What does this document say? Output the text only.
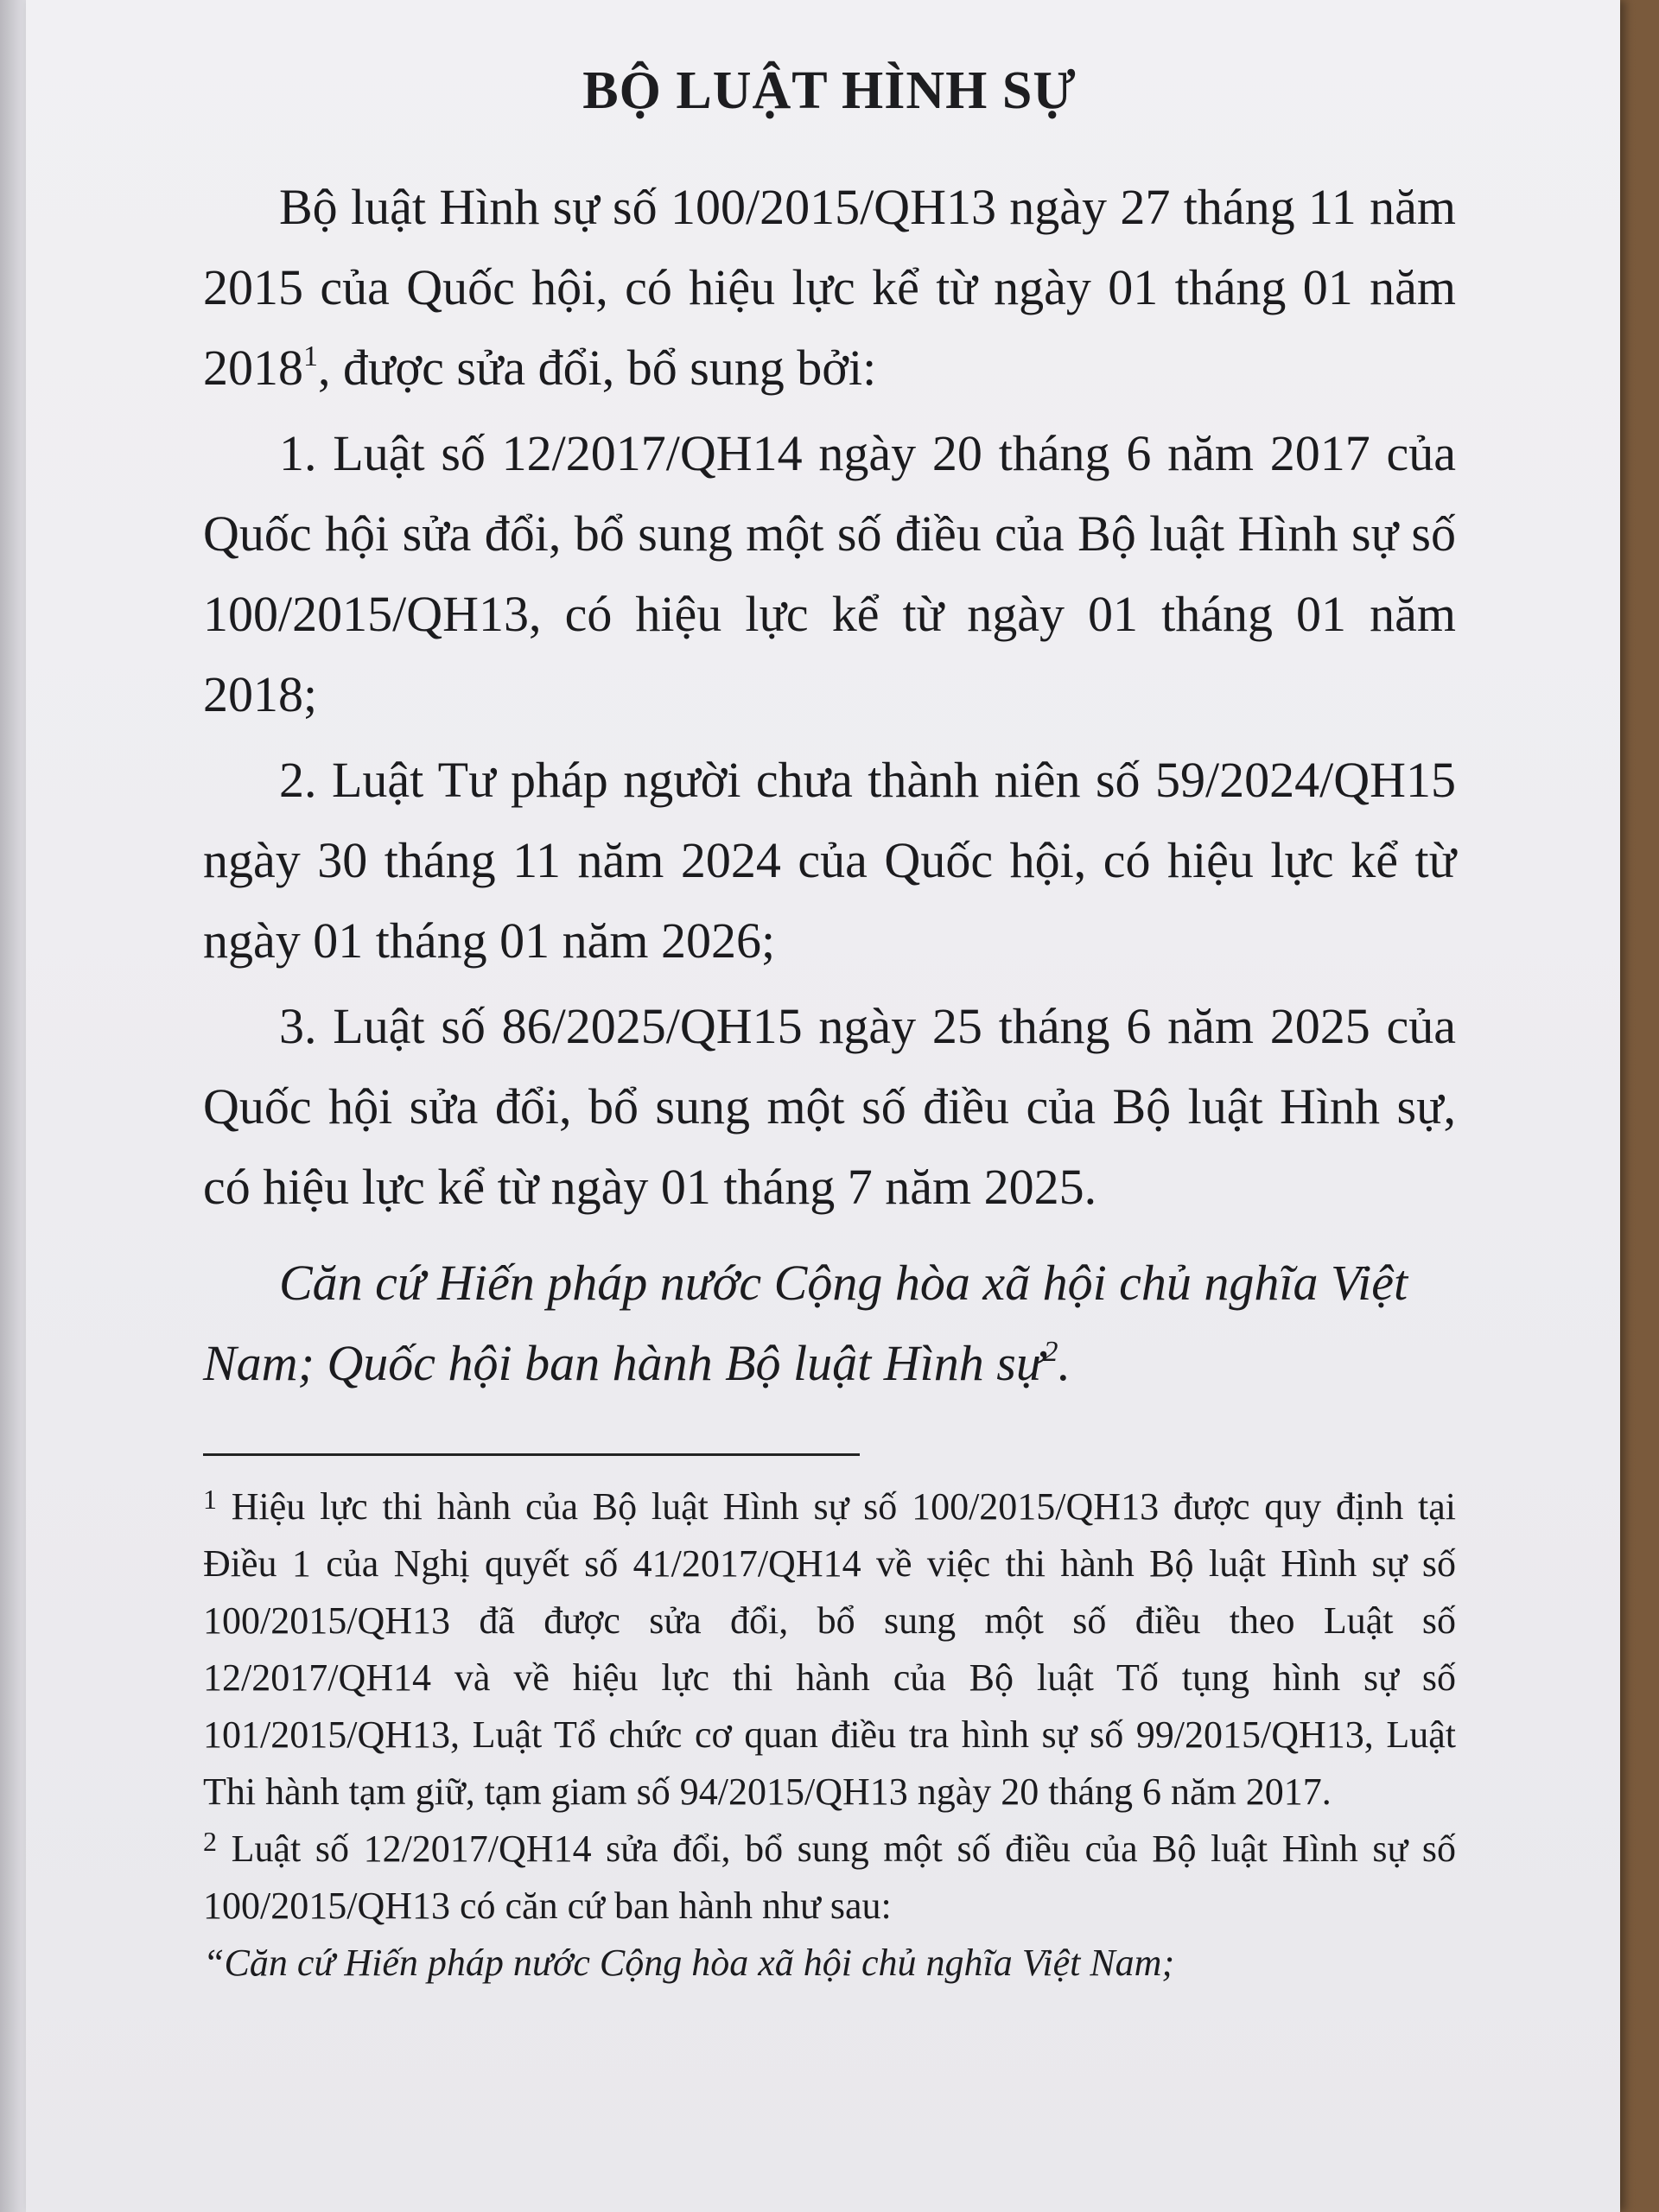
BỘ LUẬT HÌNH SỰ

Bộ luật Hình sự số 100/2015/QH13 ngày 27 tháng 11 năm 2015 của Quốc hội, có hiệu lực kể từ ngày 01 tháng 01 năm 2018$^1$, được sửa đổi, bổ sung bởi:

1. Luật số 12/2017/QH14 ngày 20 tháng 6 năm 2017 của Quốc hội sửa đổi, bổ sung một số điều của Bộ luật Hình sự số 100/2015/QH13, có hiệu lực kể từ ngày 01 tháng 01 năm 2018;

2. Luật Tư pháp người chưa thành niên số 59/2024/QH15 ngày 30 tháng 11 năm 2024 của Quốc hội, có hiệu lực kể từ ngày 01 tháng 01 năm 2026;

3. Luật số 86/2025/QH15 ngày 25 tháng 6 năm 2025 của Quốc hội sửa đổi, bổ sung một số điều của Bộ luật Hình sự, có hiệu lực kể từ ngày 01 tháng 7 năm 2025.

Căn cứ Hiến pháp nước Cộng hòa xã hội chủ nghĩa Việt Nam; Quốc hội ban hành Bộ luật Hình sự$^2$.

$^1$ Hiệu lực thi hành của Bộ luật Hình sự số 100/2015/QH13 được quy định tại Điều 1 của Nghị quyết số 41/2017/QH14 về việc thi hành Bộ luật Hình sự số 100/2015/QH13 đã được sửa đổi, bổ sung một số điều theo Luật số 12/2017/QH14 và về hiệu lực thi hành của Bộ luật Tố tụng hình sự số 101/2015/QH13, Luật Tổ chức cơ quan điều tra hình sự số 99/2015/QH13, Luật Thi hành tạm giữ, tạm giam số 94/2015/QH13 ngày 20 tháng 6 năm 2017.

$^2$ Luật số 12/2017/QH14 sửa đổi, bổ sung một số điều của Bộ luật Hình sự số 100/2015/QH13 có căn cứ ban hành như sau:

“Căn cứ Hiến pháp nước Cộng hòa xã hội chủ nghĩa Việt Nam;
